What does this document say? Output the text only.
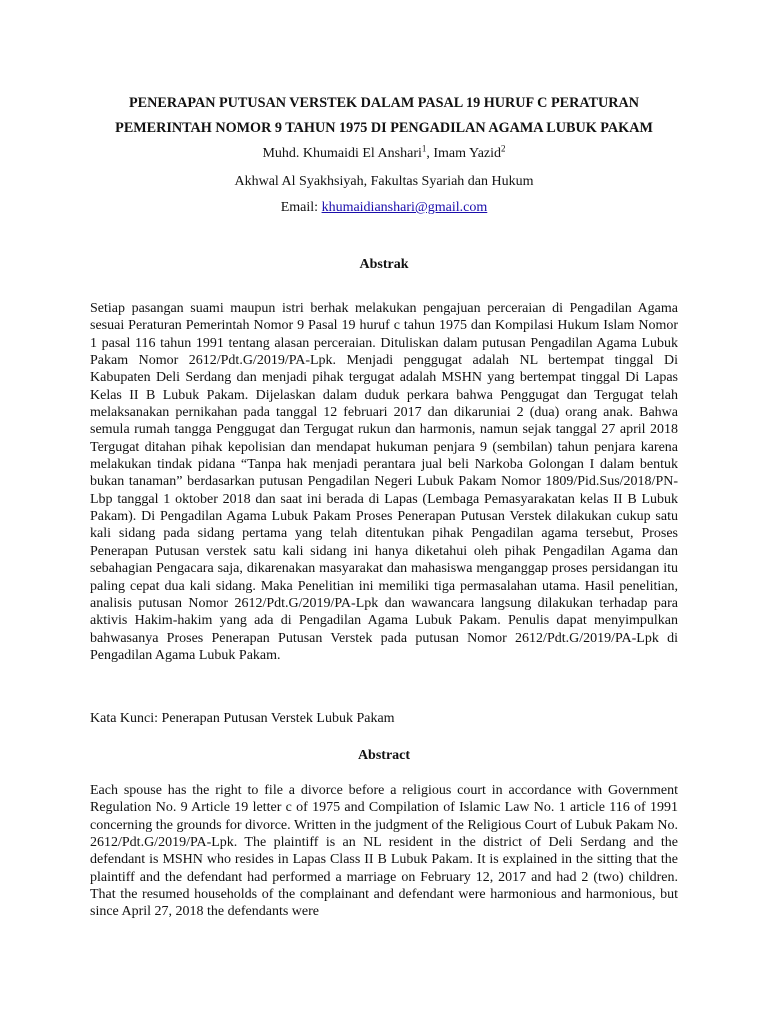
PENERAPAN PUTUSAN VERSTEK DALAM PASAL 19 HURUF C PERATURAN
PEMERINTAH NOMOR 9 TAHUN 1975 DI PENGADILAN AGAMA LUBUK PAKAM

Muhd. Khumaidi El Anshari$^1$, Imam Yazid$^2$

Akhwal Al Syakhsiyah, Fakultas Syariah dan Hukum

Email: khumaidianshari@gmail.com

Abstrak

Setiap pasangan suami maupun istri berhak melakukan pengajuan perceraian di Pengadilan Agama sesuai Peraturan Pemerintah Nomor 9 Pasal 19 huruf c tahun 1975 dan Kompilasi Hukum Islam Nomor 1 pasal 116 tahun 1991 tentang alasan perceraian. Dituliskan dalam putusan Pengadilan Agama Lubuk Pakam Nomor 2612/Pdt.G/2019/PA-Lpk. Menjadi penggugat adalah NL bertempat tinggal Di Kabupaten Deli Serdang dan menjadi pihak tergugat adalah MSHN yang bertempat tinggal Di Lapas Kelas II B Lubuk Pakam. Dijelaskan dalam duduk perkara bahwa Penggugat dan Tergugat telah melaksanakan pernikahan pada tanggal 12 februari 2017 dan dikaruniai 2 (dua) orang anak. Bahwa semula rumah tangga Penggugat dan Tergugat rukun dan harmonis, namun sejak tanggal 27 april 2018 Tergugat ditahan pihak kepolisian dan mendapat hukuman penjara 9 (sembilan) tahun penjara karena melakukan tindak pidana “Tanpa hak menjadi perantara jual beli Narkoba Golongan I dalam bentuk bukan tanaman” berdasarkan putusan Pengadilan Negeri Lubuk Pakam Nomor 1809/Pid.Sus/2018/PN-Lbp tanggal 1 oktober 2018 dan saat ini berada di Lapas (Lembaga Pemasyarakatan kelas II B Lubuk Pakam). Di Pengadilan Agama Lubuk Pakam Proses Penerapan Putusan Verstek dilakukan cukup satu kali sidang pada sidang pertama yang telah ditentukan pihak Pengadilan agama tersebut, Proses Penerapan Putusan verstek satu kali sidang ini hanya diketahui oleh pihak Pengadilan Agama dan sebahagian Pengacara saja, dikarenakan masyarakat dan mahasiswa menganggap proses persidangan itu paling cepat dua kali sidang. Maka Penelitian ini memiliki tiga permasalahan utama. Hasil penelitian, analisis putusan Nomor 2612/Pdt.G/2019/PA-Lpk dan wawancara langsung dilakukan terhadap para aktivis Hakim-hakim yang ada di Pengadilan Agama Lubuk Pakam. Penulis dapat menyimpulkan bahwasanya Proses Penerapan Putusan Verstek pada putusan Nomor 2612/Pdt.G/2019/PA-Lpk di Pengadilan Agama Lubuk Pakam.

Kata Kunci: Penerapan Putusan Verstek Lubuk Pakam

Abstract

Each spouse has the right to file a divorce before a religious court in accordance with Government Regulation No. 9 Article 19 letter c of 1975 and Compilation of Islamic Law No. 1 article 116 of 1991 concerning the grounds for divorce. Written in the judgment of the Religious Court of Lubuk Pakam No. 2612/Pdt.G/2019/PA-Lpk. The plaintiff is an NL resident in the district of Deli Serdang and the defendant is MSHN who resides in Lapas Class II B Lubuk Pakam. It is explained in the sitting that the plaintiff and the defendant had performed a marriage on February 12, 2017 and had 2 (two) children. That the resumed households of the complainant and defendant were harmonious and harmonious, but since April 27, 2018 the defendants were
